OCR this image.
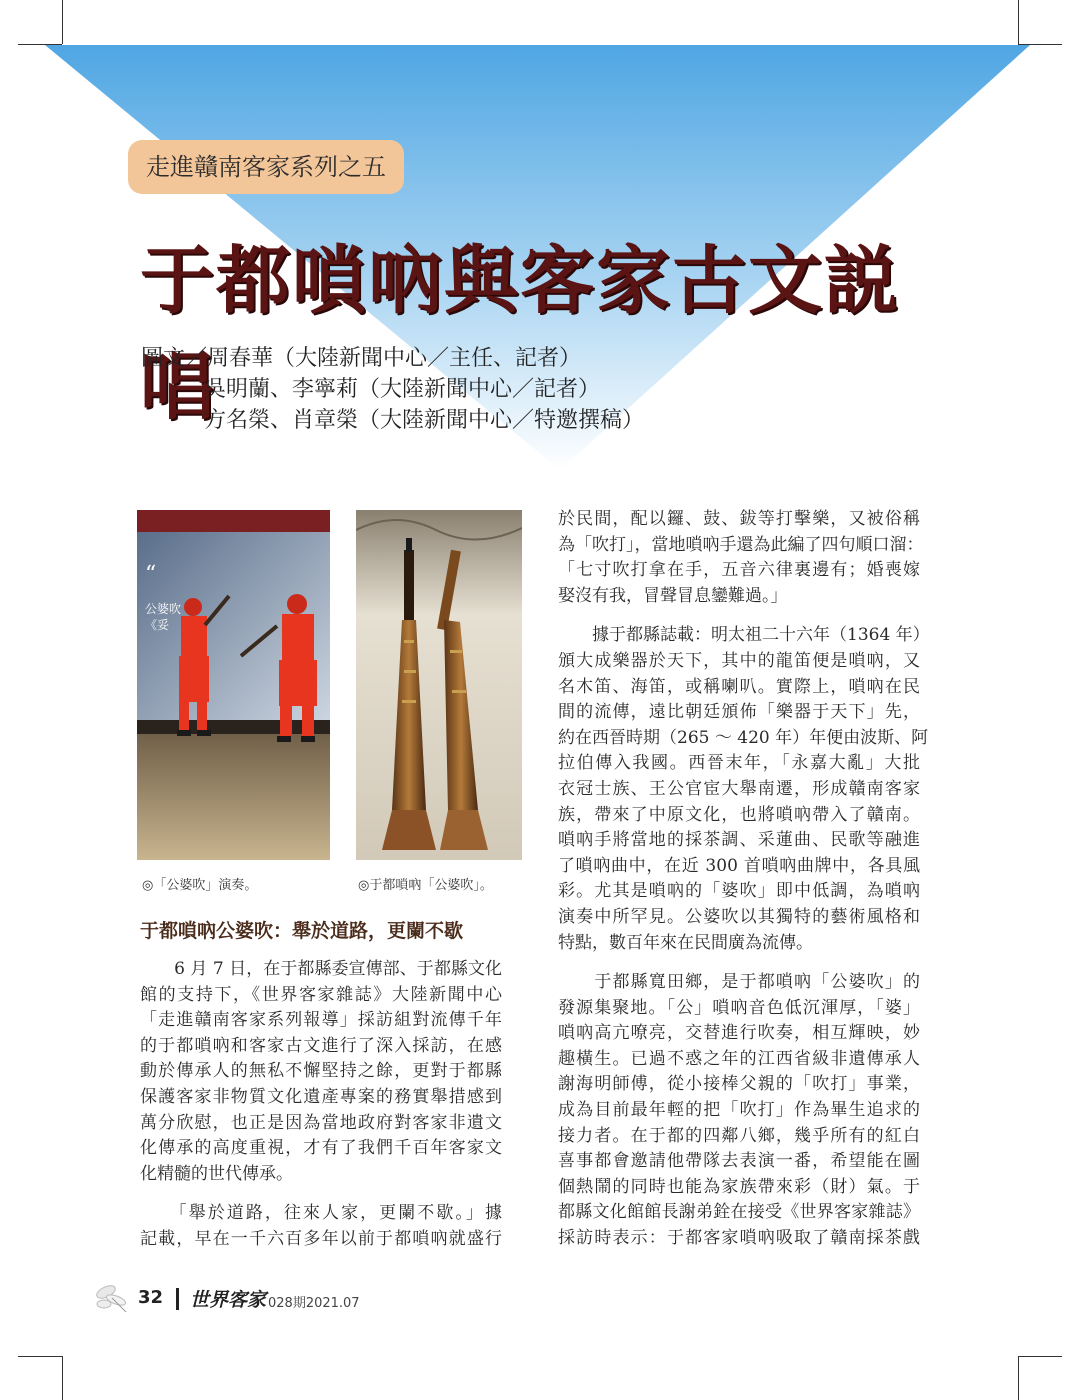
走進贛南客家系列之五
于都嗩吶與客家古文説唱
圖文／周春華（大陸新聞中心／主任、記者）
吳明蘭、李寧莉（大陸新聞中心／記者）
方名榮、肖章榮（大陸新聞中心／特邀撰稿）
“
公婆吹
《妥
◎「公婆吹」演奏。	◎于都嗩吶「公婆吹」。
于都嗩吶公婆吹：舉於道路，更闌不歇

　　6 月 7 日，在于都縣委宣傳部、于都縣文化
館的支持下，《世界客家雜誌》大陸新聞中心
「走進贛南客家系列報導」採訪組對流傳千年
的于都嗩吶和客家古文進行了深入採訪，在感
動於傳承人的無私不懈堅持之餘，更對于都縣
保護客家非物質文化遺產專案的務實舉措感到
萬分欣慰，也正是因為當地政府對客家非遺文
化傳承的高度重視，才有了我們千百年客家文
化精髓的世代傳承。

　　「舉於道路，往來人家，更闌不歇。」據
記載，早在一千六百多年以前于都嗩吶就盛行

於民間，配以鑼、鼓、鈸等打擊樂，又被俗稱
為「吹打」，當地嗩吶手還為此編了四句順口溜：
「七寸吹打拿在手，五音六律裏邊有；婚喪嫁
娶沒有我，冒聲冒息鑾難過。」

　　據于都縣誌載：明太祖二十六年（1364 年）
頒大成樂器於天下，其中的龍笛便是嗩吶，又
名木笛、海笛，或稱喇叭。實際上，嗩吶在民
間的流傳，遠比朝廷頒佈「樂器于天下」先，
約在西晉時期（265 ～ 420 年）年便由波斯、阿
拉伯傳入我國。西晉末年，「永嘉大亂」大批
衣冠士族、王公官宦大舉南遷，形成贛南客家
族，帶來了中原文化，也將嗩吶帶入了贛南。
嗩吶手將當地的採茶調、采蓮曲、民歌等融進
了嗩吶曲中，在近 300 首嗩吶曲牌中，各具風
彩。尤其是嗩吶的「婆吹」即中低調，為嗩吶
演奏中所罕見。公婆吹以其獨特的藝術風格和
特點，數百年來在民間廣為流傳。

　　于都縣寬田鄉，是于都嗩吶「公婆吹」的
發源集聚地。「公」嗩吶音色低沉渾厚，「婆」
嗩吶高亢嘹亮，交替進行吹奏，相互輝映，妙
趣橫生。已過不惑之年的江西省級非遺傳承人
謝海明師傅，從小接棒父親的「吹打」事業，
成為目前最年輕的把「吹打」作為畢生追求的
接力者。在于都的四鄰八鄉，幾乎所有的紅白
喜事都會邀請他帶隊去表演一番，希望能在圖
個熱鬧的同時也能為家族帶來彩（財）氣。于
都縣文化館館長謝弟銓在接受《世界客家雜誌》
採訪時表示：于都客家嗩吶吸取了贛南採茶戲

32 世界客家 028期2021.07
